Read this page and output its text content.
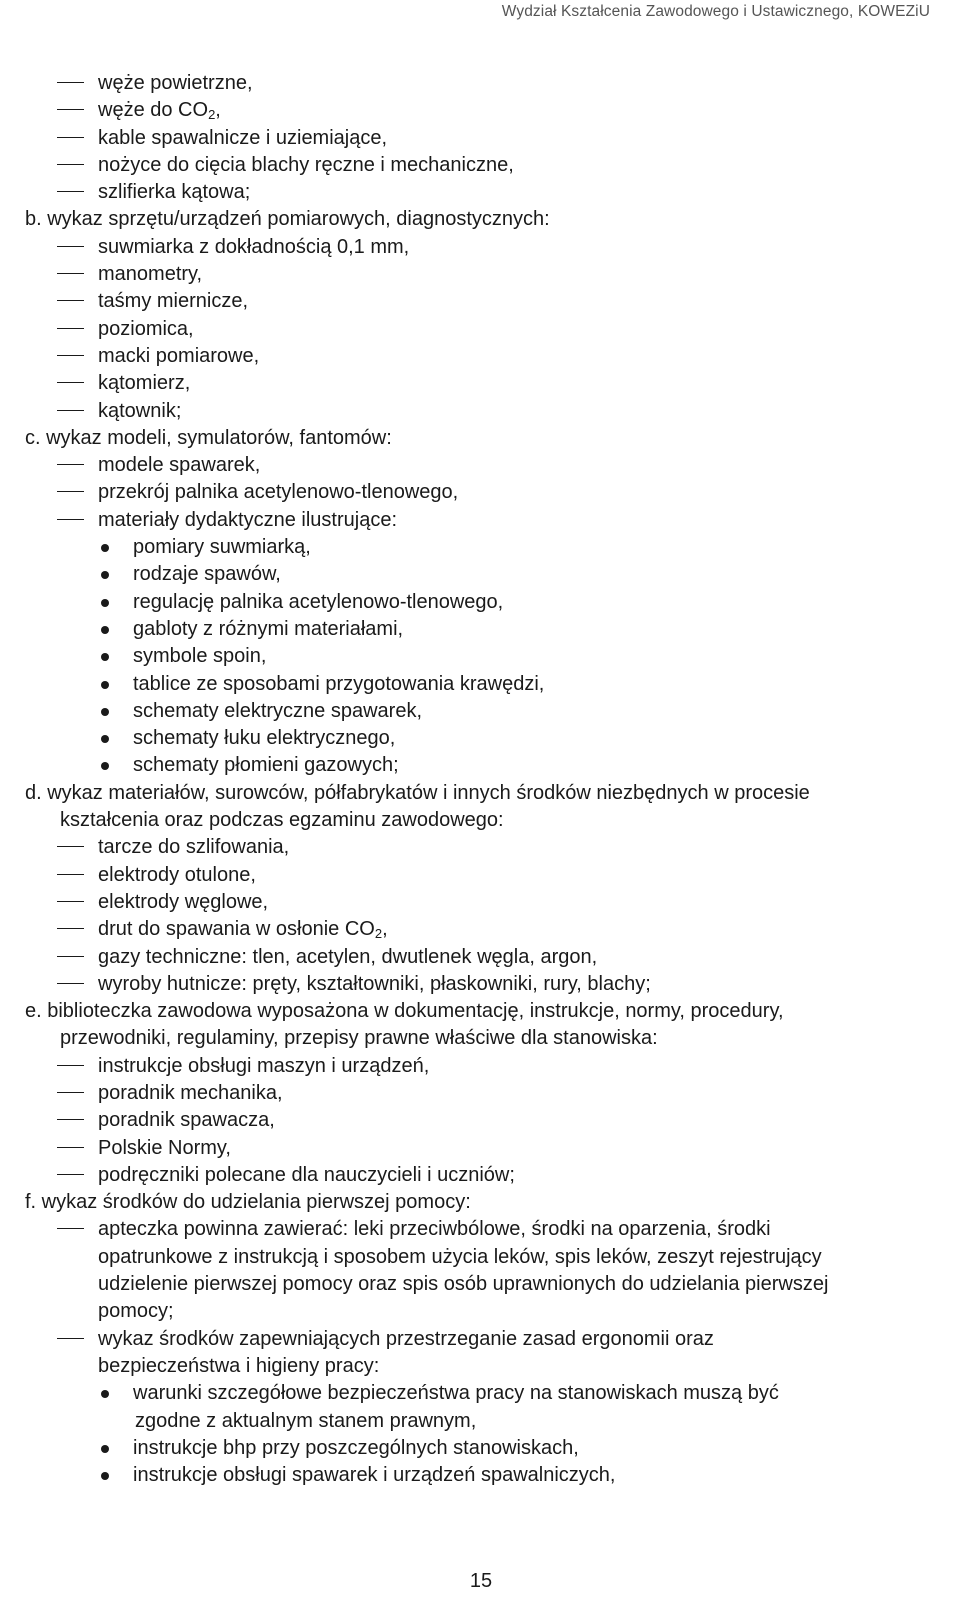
Wydział Kształcenia Zawodowego i Ustawicznego, KOWEZiU
węże powietrzne,
węże do $CO_2$,
kable spawalnicze i uziemiające,
nożyce do cięcia blachy ręczne i mechaniczne,
szlifierka kątowa;
b. wykaz sprzętu/urządzeń pomiarowych, diagnostycznych:
suwmiarka z dokładnością 0,1 mm,
manometry,
taśmy miernicze,
poziomica,
macki pomiarowe,
kątomierz,
kątownik;
c. wykaz modeli, symulatorów, fantomów:
modele spawarek,
przekrój palnika acetylenowo-tlenowego,
materiały dydaktyczne ilustrujące:
pomiary suwmiarką,
rodzaje spawów,
regulację palnika acetylenowo-tlenowego,
gabloty z różnymi materiałami,
symbole spoin,
tablice ze sposobami przygotowania krawędzi,
schematy elektryczne spawarek,
schematy łuku elektrycznego,
schematy płomieni gazowych;
d. wykaz materiałów, surowców, półfabrykatów i innych środków niezbędnych w procesie
kształcenia oraz podczas egzaminu zawodowego:
tarcze do szlifowania,
elektrody otulone,
elektrody węglowe,
drut do spawania w osłonie $CO_2$,
gazy techniczne: tlen, acetylen, dwutlenek węgla, argon,
wyroby hutnicze: pręty, kształtowniki, płaskowniki, rury, blachy;
e. biblioteczka zawodowa wyposażona w dokumentację, instrukcje, normy, procedury,
przewodniki, regulaminy, przepisy prawne właściwe dla stanowiska:
instrukcje obsługi maszyn i urządzeń,
poradnik mechanika,
poradnik spawacza,
Polskie Normy,
podręczniki polecane dla nauczycieli i uczniów;
f. wykaz środków do udzielania pierwszej pomocy:
apteczka powinna zawierać: leki przeciwbólowe, środki na oparzenia, środki
opatrunkowe z instrukcją i sposobem użycia leków, spis leków, zeszyt rejestrujący
udzielenie pierwszej pomocy oraz spis osób uprawnionych do udzielania pierwszej
pomocy;
wykaz środków zapewniających przestrzeganie zasad ergonomii oraz
bezpieczeństwa i higieny pracy:
warunki szczegółowe bezpieczeństwa pracy na stanowiskach muszą być
zgodne z aktualnym stanem prawnym,
instrukcje bhp przy poszczególnych stanowiskach,
instrukcje obsługi spawarek i urządzeń spawalniczych,
15
